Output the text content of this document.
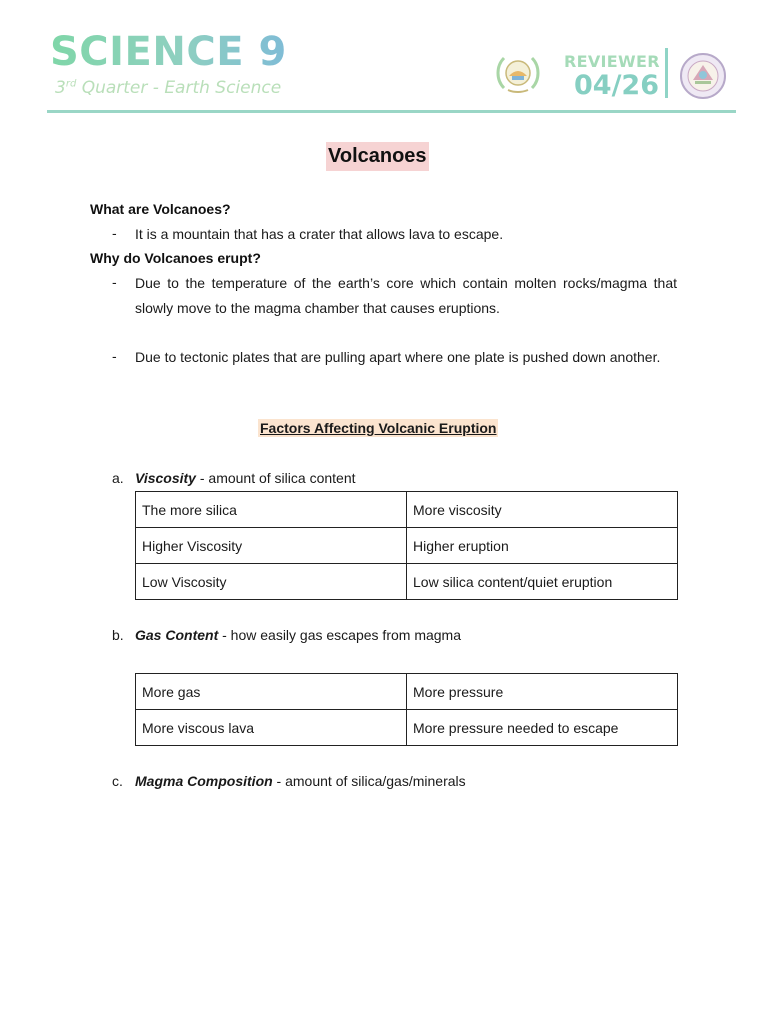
SCIENCE 9
3rd Quarter - Earth Science
REVIEWER
04/26
Volcanoes
What are Volcanoes?
- It is a mountain that has a crater that allows lava to escape.
Why do Volcanoes erupt?
- Due to the temperature of the earth’s core which contain molten rocks/magma that slowly move to the magma chamber that causes eruptions.
- Due to tectonic plates that are pulling apart where one plate is pushed down another.
Factors Affecting Volcanic Eruption
a. Viscosity - amount of silica content
The more silica	More viscosity
Higher Viscosity	Higher eruption
Low Viscosity	Low silica content/quiet eruption
b. Gas Content - how easily gas escapes from magma
More gas	More pressure
More viscous lava	More pressure needed to escape
c. Magma Composition - amount of silica/gas/minerals
